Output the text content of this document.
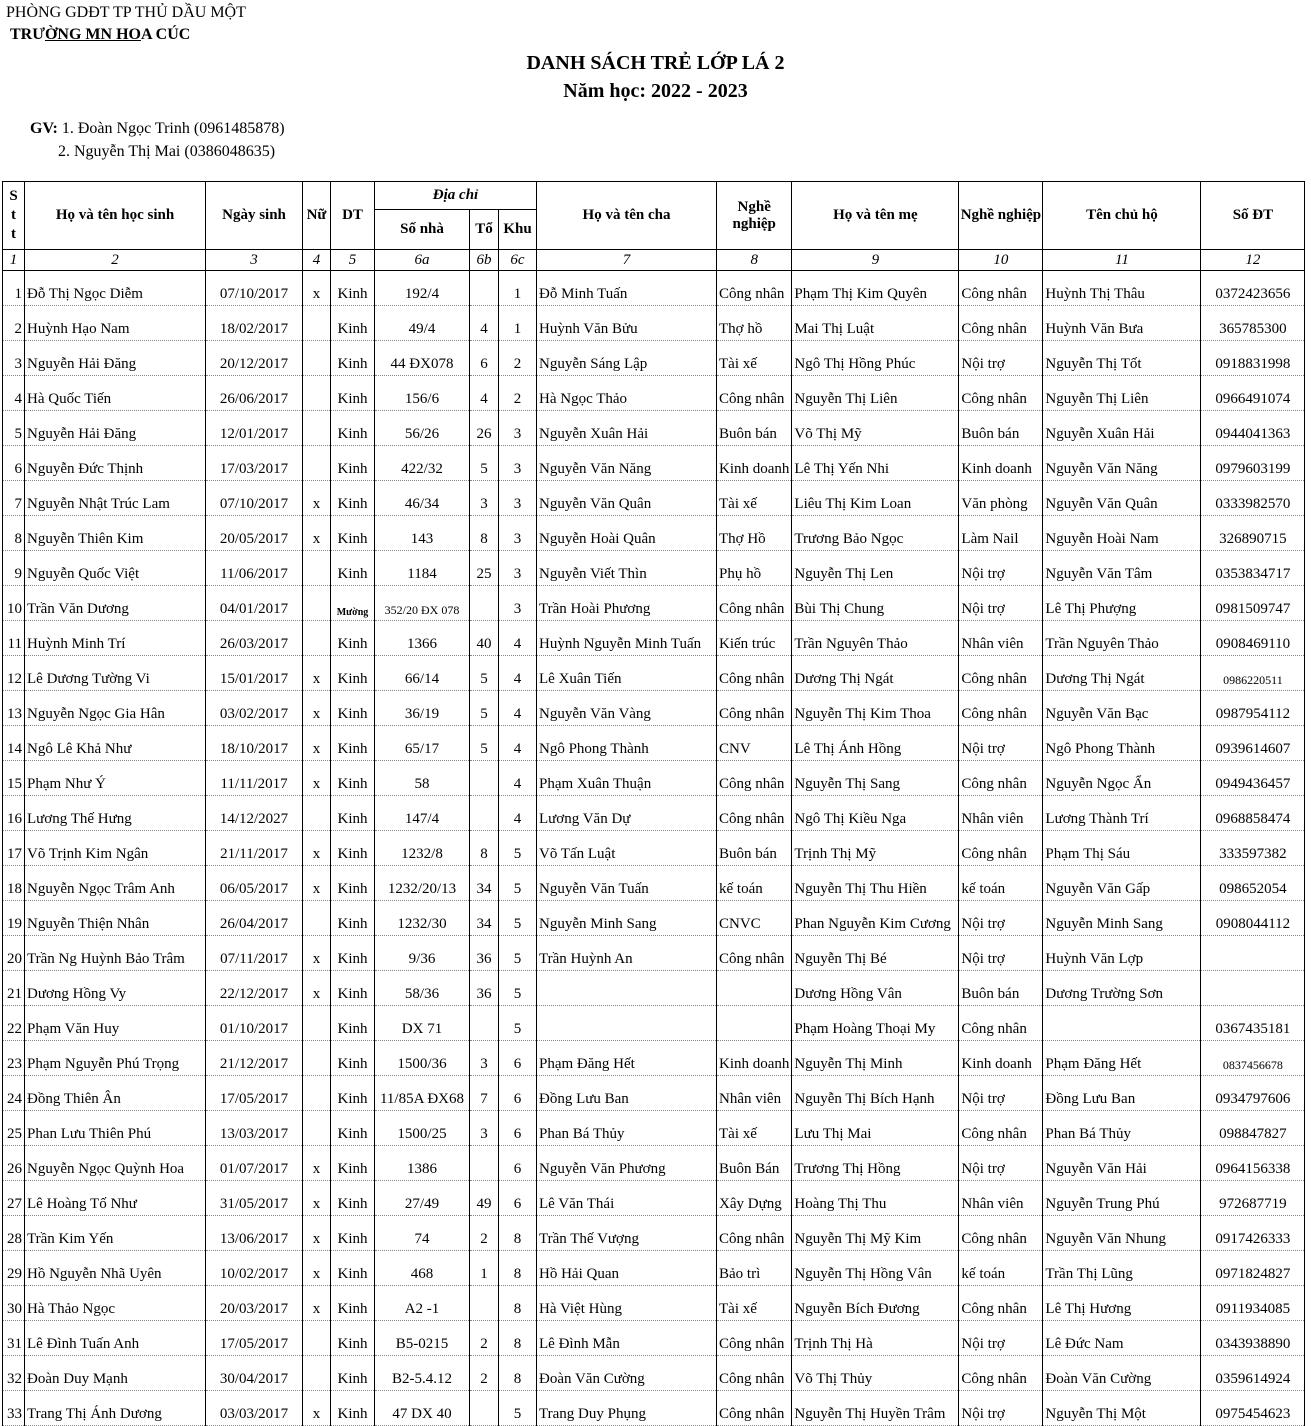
PHÒNG GDĐT TP THỦ DẦU MỘT
TRƯỜNG MN HOA CÚC
DANH SÁCH TRẺ LỚP LÁ 2
Năm học: 2022 - 2023
GV: 1. Đoàn Ngọc Trinh (0961485878)
2. Nguyễn Thị Mai (0386048635)
S t t	Họ và tên học sinh	Ngày sinh	Nữ	DT	Địa chỉ			Họ và tên cha	Nghề nghiệp	Họ và tên mẹ	Nghề nghiệp	Tên chủ hộ	Số ĐT
					Số nhà	Tổ	Khu						
1	2	3	4	5	6a	6b	6c	7	8	9	10	11	12
1	Đỗ Thị Ngọc Diễm	07/10/2017	x	Kinh	192/4		1	Đỗ Minh Tuấn	Công nhân	Phạm Thị Kim Quyên	Công nhân	Huỳnh Thị Thâu	0372423656
2	Huỳnh Hạo Nam	18/02/2017		Kinh	49/4	4	1	Huỳnh Văn Bửu	Thợ hồ	Mai Thị Luật	Công nhân	Huỳnh Văn Bưa	365785300
3	Nguyễn Hải Đăng	20/12/2017		Kinh	44 ĐX078	6	2	Nguyễn Sáng Lập	Tài xế	Ngô Thị Hồng Phúc	Nội trợ	Nguyễn Thị Tốt	0918831998
4	Hà Quốc Tiến	26/06/2017		Kinh	156/6	4	2	Hà Ngọc Thảo	Công nhân	Nguyễn Thị Liên	Công nhân	Nguyễn Thị Liên	0966491074
5	Nguyễn Hải Đăng	12/01/2017		Kinh	56/26	26	3	Nguyễn Xuân Hải	Buôn bán	Võ Thị Mỹ	Buôn bán	Nguyễn Xuân Hải	0944041363
6	Nguyễn Đức Thịnh	17/03/2017		Kinh	422/32	5	3	Nguyễn Văn Năng	Kinh doanh	Lê Thị Yến Nhi	Kinh doanh	Nguyễn Văn Năng	0979603199
7	Nguyễn Nhật Trúc Lam	07/10/2017	x	Kinh	46/34	3	3	Nguyễn Văn Quân	Tài xế	Liêu Thị Kim Loan	Văn phòng	Nguyễn Văn Quân	0333982570
8	Nguyễn Thiên Kim	20/05/2017	x	Kinh	143	8	3	Nguyễn Hoài Quân	Thợ Hồ	Trương Bảo Ngọc	Làm Nail	Nguyễn Hoài Nam	326890715
9	Nguyễn Quốc Việt	11/06/2017		Kinh	1184	25	3	Nguyễn Viết Thìn	Phụ hồ	Nguyễn Thị Len	Nội trợ	Nguyễn Văn Tâm	0353834717
10	Trần Văn Dương	04/01/2017		Mường	352/20 ĐX 078		3	Trần Hoài Phương	Công nhân	Bùi Thị Chung	Nội trợ	Lê Thị Phượng	0981509747
11	Huỳnh Minh Trí	26/03/2017		Kinh	1366	40	4	Huỳnh Nguyễn Minh Tuấn	Kiến trúc	Trần Nguyên Thảo	Nhân viên	Trần Nguyên Thảo	0908469110
12	Lê Dương Tường Vi	15/01/2017	x	Kinh	66/14	5	4	Lê Xuân Tiến	Công nhân	Dương Thị Ngát	Công nhân	Dương Thị Ngát	0986220511
13	Nguyễn Ngọc Gia Hân	03/02/2017	x	Kinh	36/19	5	4	Nguyễn Văn Vàng	Công nhân	Nguyễn Thị Kim Thoa	Công nhân	Nguyễn Văn Bạc	0987954112
14	Ngô Lê Khả Như	18/10/2017	x	Kinh	65/17	5	4	Ngô Phong Thành	CNV	Lê Thị Ánh Hồng	Nội trợ	Ngô Phong Thành	0939614607
15	Phạm Như Ý	11/11/2017	x	Kinh	58		4	Phạm Xuân Thuận	Công nhân	Nguyễn Thị Sang	Công nhân	Nguyễn Ngọc Ẩn	0949436457
16	Lương Thế Hưng	14/12/2027		Kinh	147/4		4	Lương Văn Dự	Công nhân	Ngô Thị Kiều Nga	Nhân viên	Lương Thành Trí	0968858474
17	Võ Trịnh Kim Ngân	21/11/2017	x	Kinh	1232/8	8	5	Võ Tấn Luật	Buôn bán	Trịnh Thị Mỹ	Công nhân	Phạm Thị Sáu	333597382
18	Nguyễn Ngọc Trâm Anh	06/05/2017	x	Kinh	1232/20/13	34	5	Nguyễn Văn Tuấn	kế toán	Nguyễn Thị Thu Hiền	kế toán	Nguyễn Văn Gấp	098652054
19	Nguyễn Thiện Nhân	26/04/2017		Kinh	1232/30	34	5	Nguyễn Minh Sang	CNVC	Phan Nguyễn Kim Cương	Nội trợ	Nguyễn Minh Sang	0908044112
20	Trần Ng Huỳnh Bảo Trâm	07/11/2017	x	Kinh	9/36	36	5	Trần Huỳnh An	Công nhân	Nguyễn Thị Bé	Nội trợ	Huỳnh Văn Lợp	
21	Dương Hồng Vy	22/12/2017	x	Kinh	58/36	36	5			Dương Hồng Vân	Buôn bán	Dương Trường Sơn	
22	Phạm Văn Huy	01/10/2017		Kinh	DX 71		5			Phạm Hoàng Thoại My	Công nhân		0367435181
23	Phạm Nguyễn Phú Trọng	21/12/2017		Kinh	1500/36	3	6	Phạm Đăng Hết	Kinh doanh	Nguyễn Thị Minh	Kinh doanh	Phạm Đăng Hết	0837456678
24	Đồng Thiên Ân	17/05/2017		Kinh	11/85A ĐX68	7	6	Đồng Lưu Ban	Nhân viên	Nguyễn Thị Bích Hạnh	Nội trợ	Đồng Lưu Ban	0934797606
25	Phan Lưu Thiên Phú	13/03/2017		Kinh	1500/25	3	6	Phan Bá Thủy	Tài xế	Lưu Thị Mai	Công nhân	Phan Bá Thủy	098847827
26	Nguyễn Ngọc Quỳnh Hoa	01/07/2017	x	Kinh	1386		6	Nguyễn Văn Phương	Buôn Bán	Trương Thị Hồng	Nội trợ	Nguyễn Văn Hải	0964156338
27	Lê Hoàng Tố Như	31/05/2017	x	Kinh	27/49	49	6	Lê Văn Thái	Xây Dựng	Hoàng Thị Thu	Nhân viên	Nguyễn Trung Phú	972687719
28	Trần Kim Yến	13/06/2017	x	Kinh	74	2	8	Trần Thế Vượng	Công nhân	Nguyễn Thị Mỹ Kim	Công nhân	Nguyễn Văn Nhung	0917426333
29	Hồ Nguyễn Nhã Uyên	10/02/2017	x	Kinh	468	1	8	Hồ Hải Quan	Bảo trì	Nguyễn Thị Hồng Vân	kế toán	Trần Thị Lũng	0971824827
30	Hà Thảo Ngọc	20/03/2017	x	Kinh	A2 -1		8	Hà Việt Hùng	Tài xế	Nguyễn Bích Đương	Công nhân	Lê Thị Hương	0911934085
31	Lê Đình Tuấn Anh	17/05/2017		Kinh	B5-0215	2	8	Lê Đình Mẫn	Công nhân	Trịnh Thị Hà	Nội trợ	Lê Đức Nam	0343938890
32	Đoàn Duy Mạnh	30/04/2017		Kinh	B2-5.4.12	2	8	Đoàn Văn Cường	Công nhân	Võ Thị Thủy	Công nhân	Đoàn Văn Cường	0359614924
33	Trang Thị Ánh Dương	03/03/2017	x	Kinh	47 DX 40		5	Trang Duy Phụng	Công nhân	Nguyễn Thị Huyền Trâm	Nội trợ	Nguyễn Thị Một	0975454623
